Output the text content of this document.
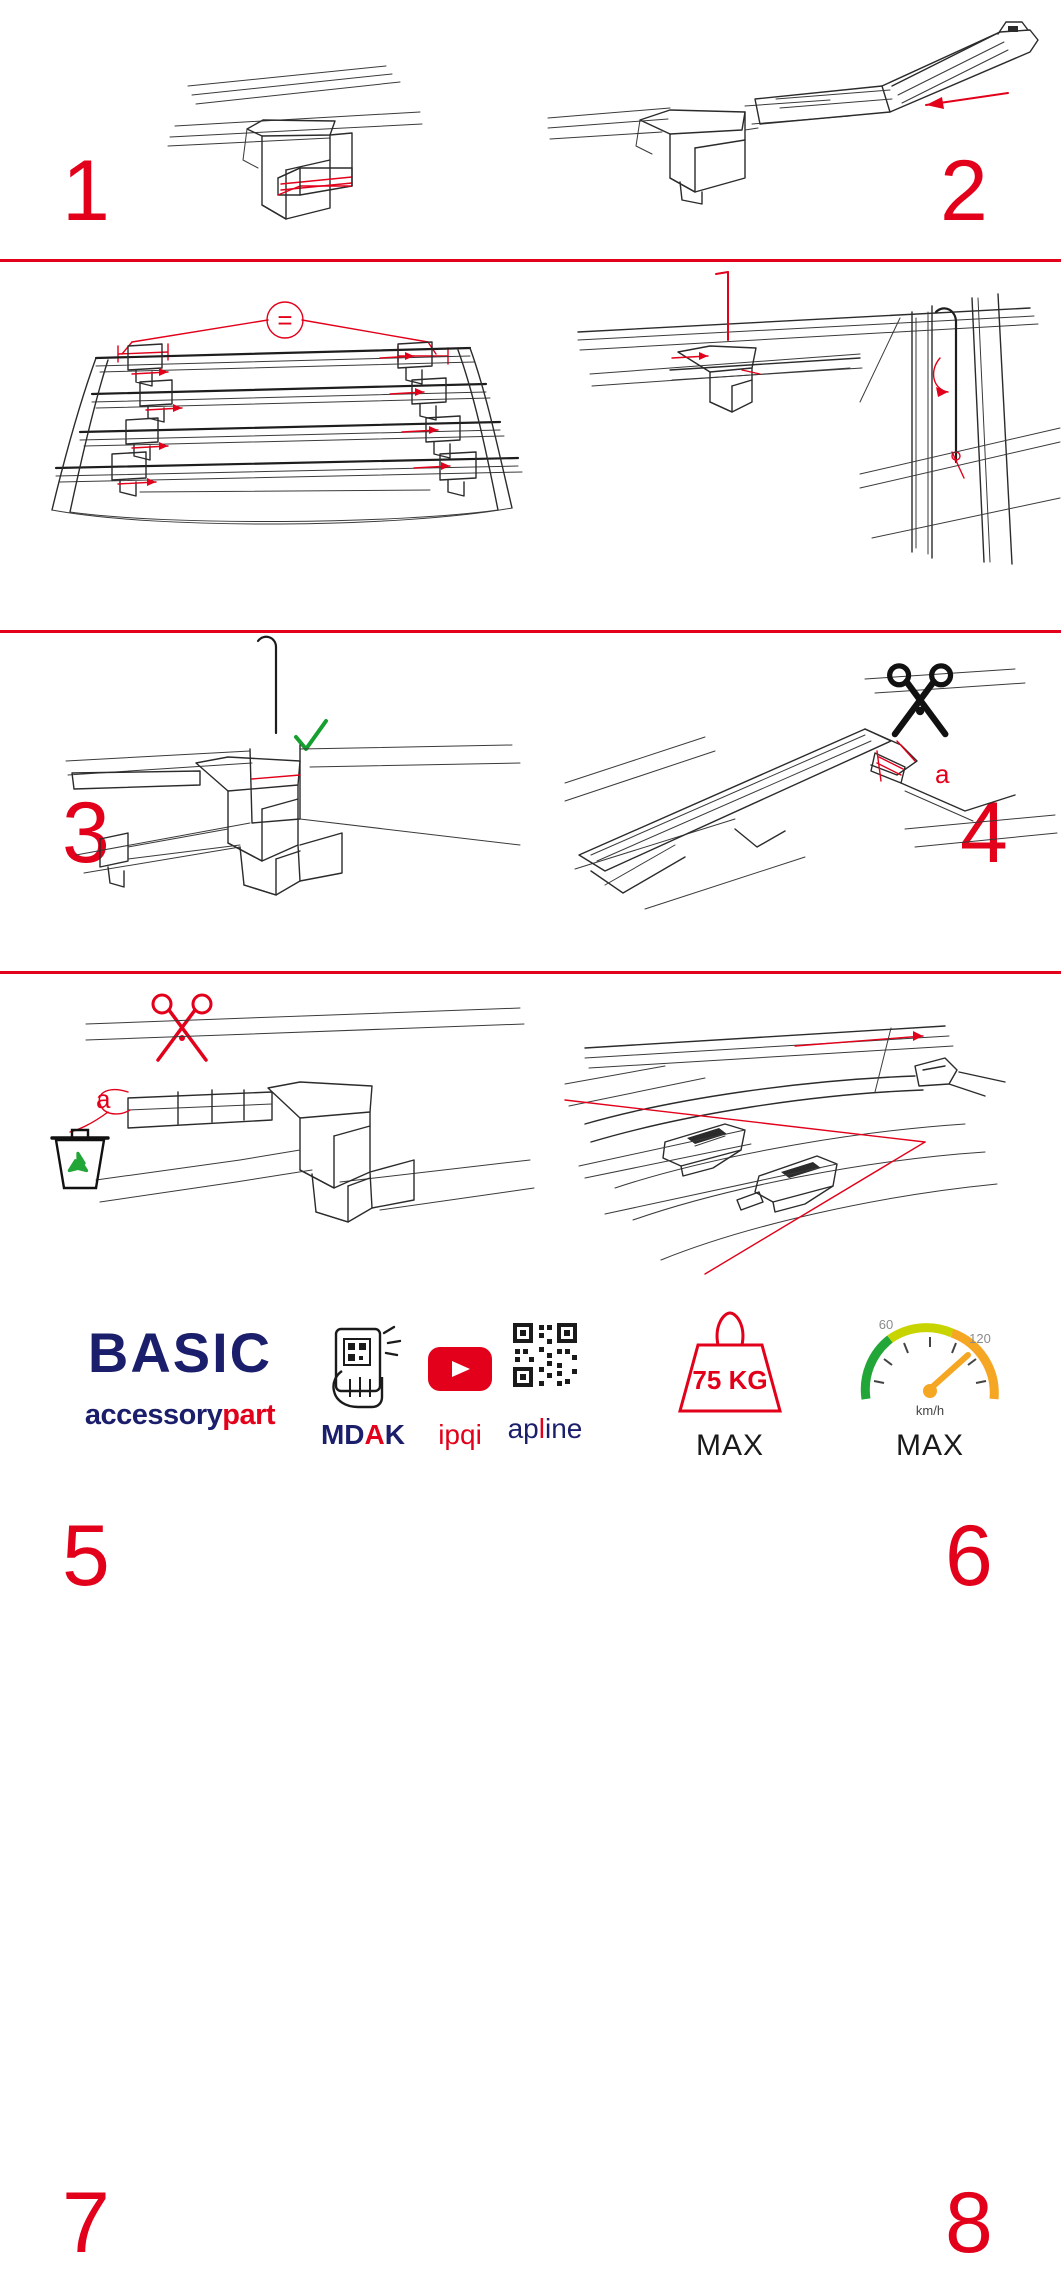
1	2
=
3	4
5
a
6
a
7	8
BASIC
accessorypart
MDAK	ipqi apline
75 KG
MAX
60
120
km/h
MAX
